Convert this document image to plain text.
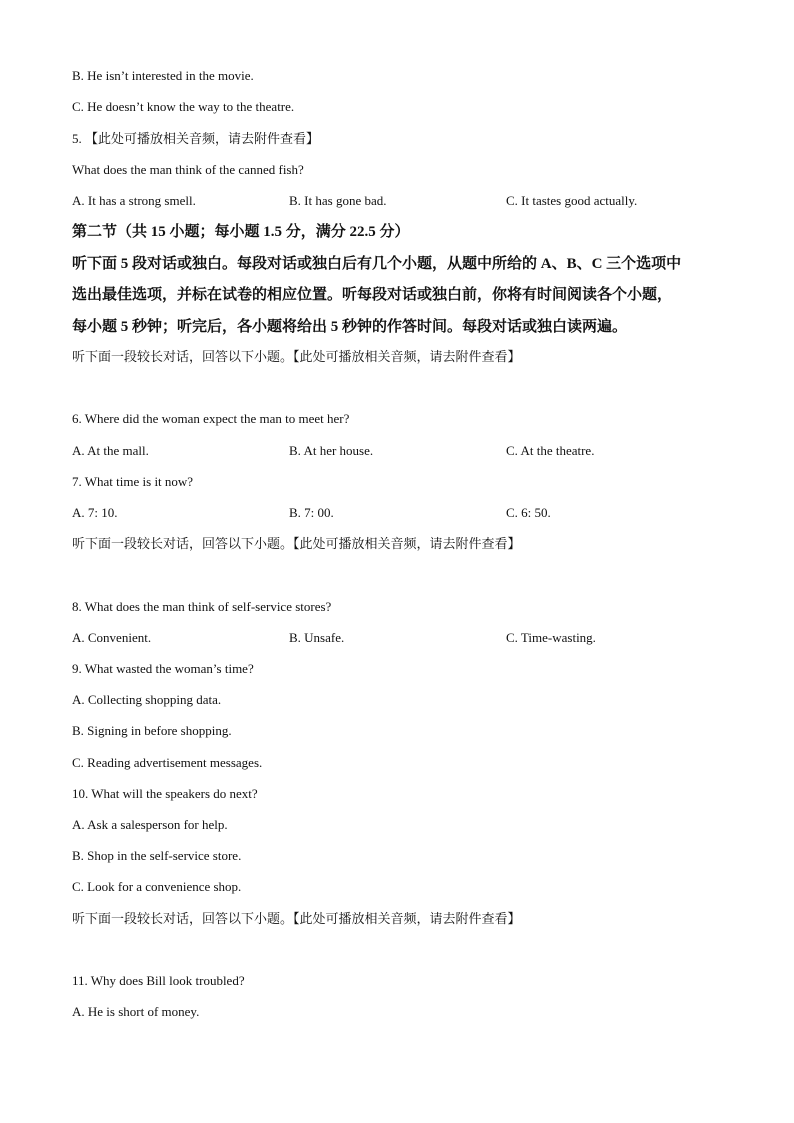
B. He isn’t interested in the movie.
C. He doesn’t know the way to the theatre.
5. 【此处可播放相关音频，请去附件查看】
What does the man think of the canned fish?
A. It has a strong smell.	B. It has gone bad.	C. It tastes good actually.
第二节（共 15 小题；每小题 1.5 分，满分 22.5 分）
听下面 5 段对话或独白。每段对话或独白后有几个小题，从题中所给的 A、B、C 三个选项中
选出最佳选项，并标在试卷的相应位置。听每段对话或独白前，你将有时间阅读各个小题，
每小题 5 秒钟；听完后，各小题将给出 5 秒钟的作答时间。每段对话或独白读两遍。
听下面一段较长对话，回答以下小题。【此处可播放相关音频，请去附件查看】
6. Where did the woman expect the man to meet her?
A. At the mall.	B. At her house.	C. At the theatre.
7. What time is it now?
A. 7: 10.	B. 7: 00.	C. 6: 50.
听下面一段较长对话，回答以下小题。【此处可播放相关音频，请去附件查看】
8. What does the man think of self-service stores?
A. Convenient.	B. Unsafe.	C. Time-wasting.
9. What wasted the woman’s time?
A. Collecting shopping data.
B. Signing in before shopping.
C. Reading advertisement messages.
10. What will the speakers do next?
A. Ask a salesperson for help.
B. Shop in the self-service store.
C. Look for a convenience shop.
听下面一段较长对话，回答以下小题。【此处可播放相关音频，请去附件查看】
11. Why does Bill look troubled?
A. He is short of money.
